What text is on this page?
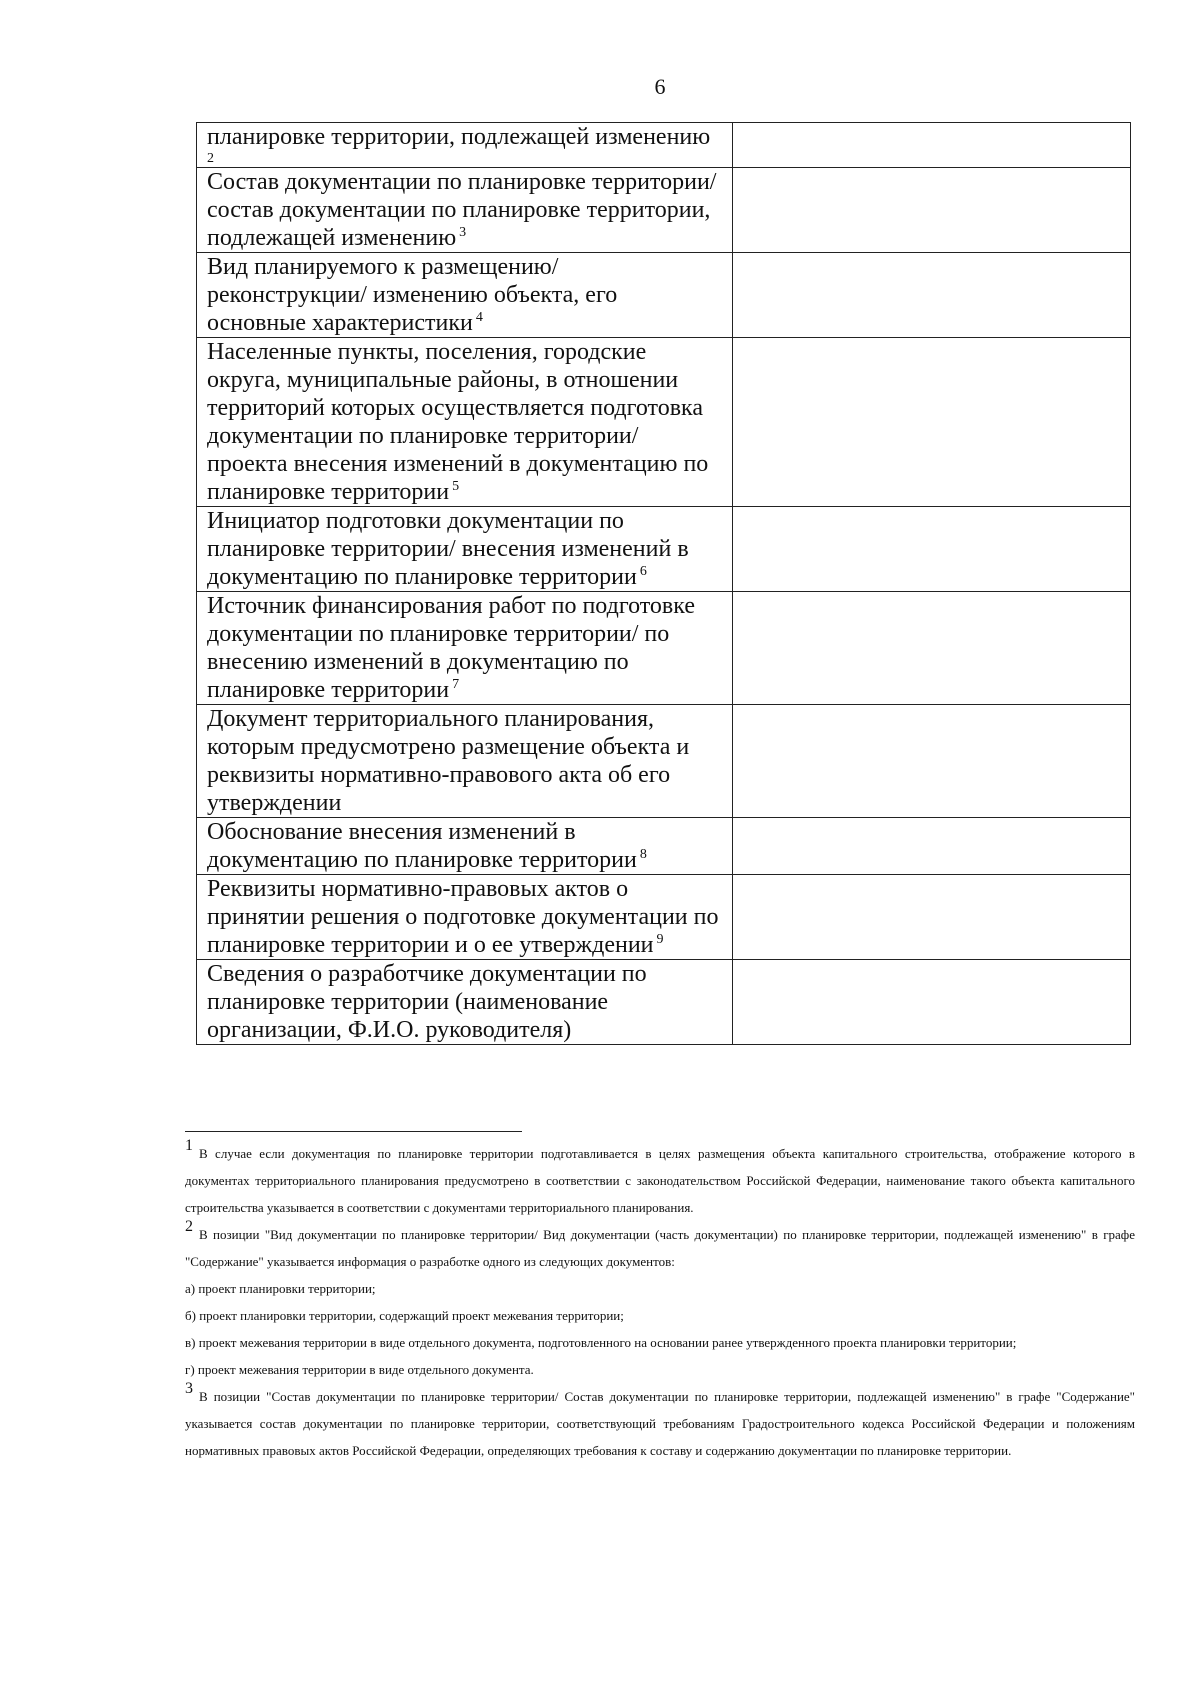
6
планировке территории, подлежащей изменению
2	

Состав документации по планировке территории/ состав документации по планировке территории, подлежащей изменению $^3$

Вид планируемого к размещению/ реконструкции/ изменению объекта, его основные характеристики $^4$

Населенные пункты, поселения, городские округа, муниципальные районы, в отношении территорий которых осуществляется подготовка документации по планировке территории/ проекта внесения изменений в документацию по планировке территории $^5$

Инициатор подготовки документации по планировке территории/ внесения изменений в документацию по планировке территории $^6$

Источник финансирования работ по подготовке документации по планировке территории/ по внесению изменений в документацию по планировке территории $^7$

Документ территориального планирования, которым предусмотрено размещение объекта и реквизиты нормативно-правового акта об его утверждении

Обоснование внесения изменений в документацию по планировке территории $^8$

Реквизиты нормативно-правовых актов о принятии решения о подготовке документации по планировке территории и о ее утверждении $^9$

Сведения о разработчике документации по планировке территории (наименование организации, Ф.И.О. руководителя)

1 В случае если документация по планировке территории подготавливается в целях размещения объекта капитального строительства, отображение которого в документах территориального планирования предусмотрено в соответствии с законодательством Российской Федерации, наименование такого объекта капитального строительства указывается в соответствии с документами территориального планирования.

2 В позиции "Вид документации по планировке территории/ Вид документации (часть документации) по планировке территории, подлежащей изменению" в графе "Содержание" указывается информация о разработке одного из следующих документов:

а) проект планировки территории;

б) проект планировки территории, содержащий проект межевания территории;

в) проект межевания территории в виде отдельного документа, подготовленного на основании ранее утвержденного проекта планировки территории;

г) проект межевания территории в виде отдельного документа.

3 В позиции "Состав документации по планировке территории/ Состав документации по планировке территории, подлежащей изменению" в графе "Содержание" указывается состав документации по планировке территории, соответствующий требованиям Градостроительного кодекса Российской Федерации и положениям нормативных правовых актов Российской Федерации, определяющих требования к составу и содержанию документации по планировке территории.
